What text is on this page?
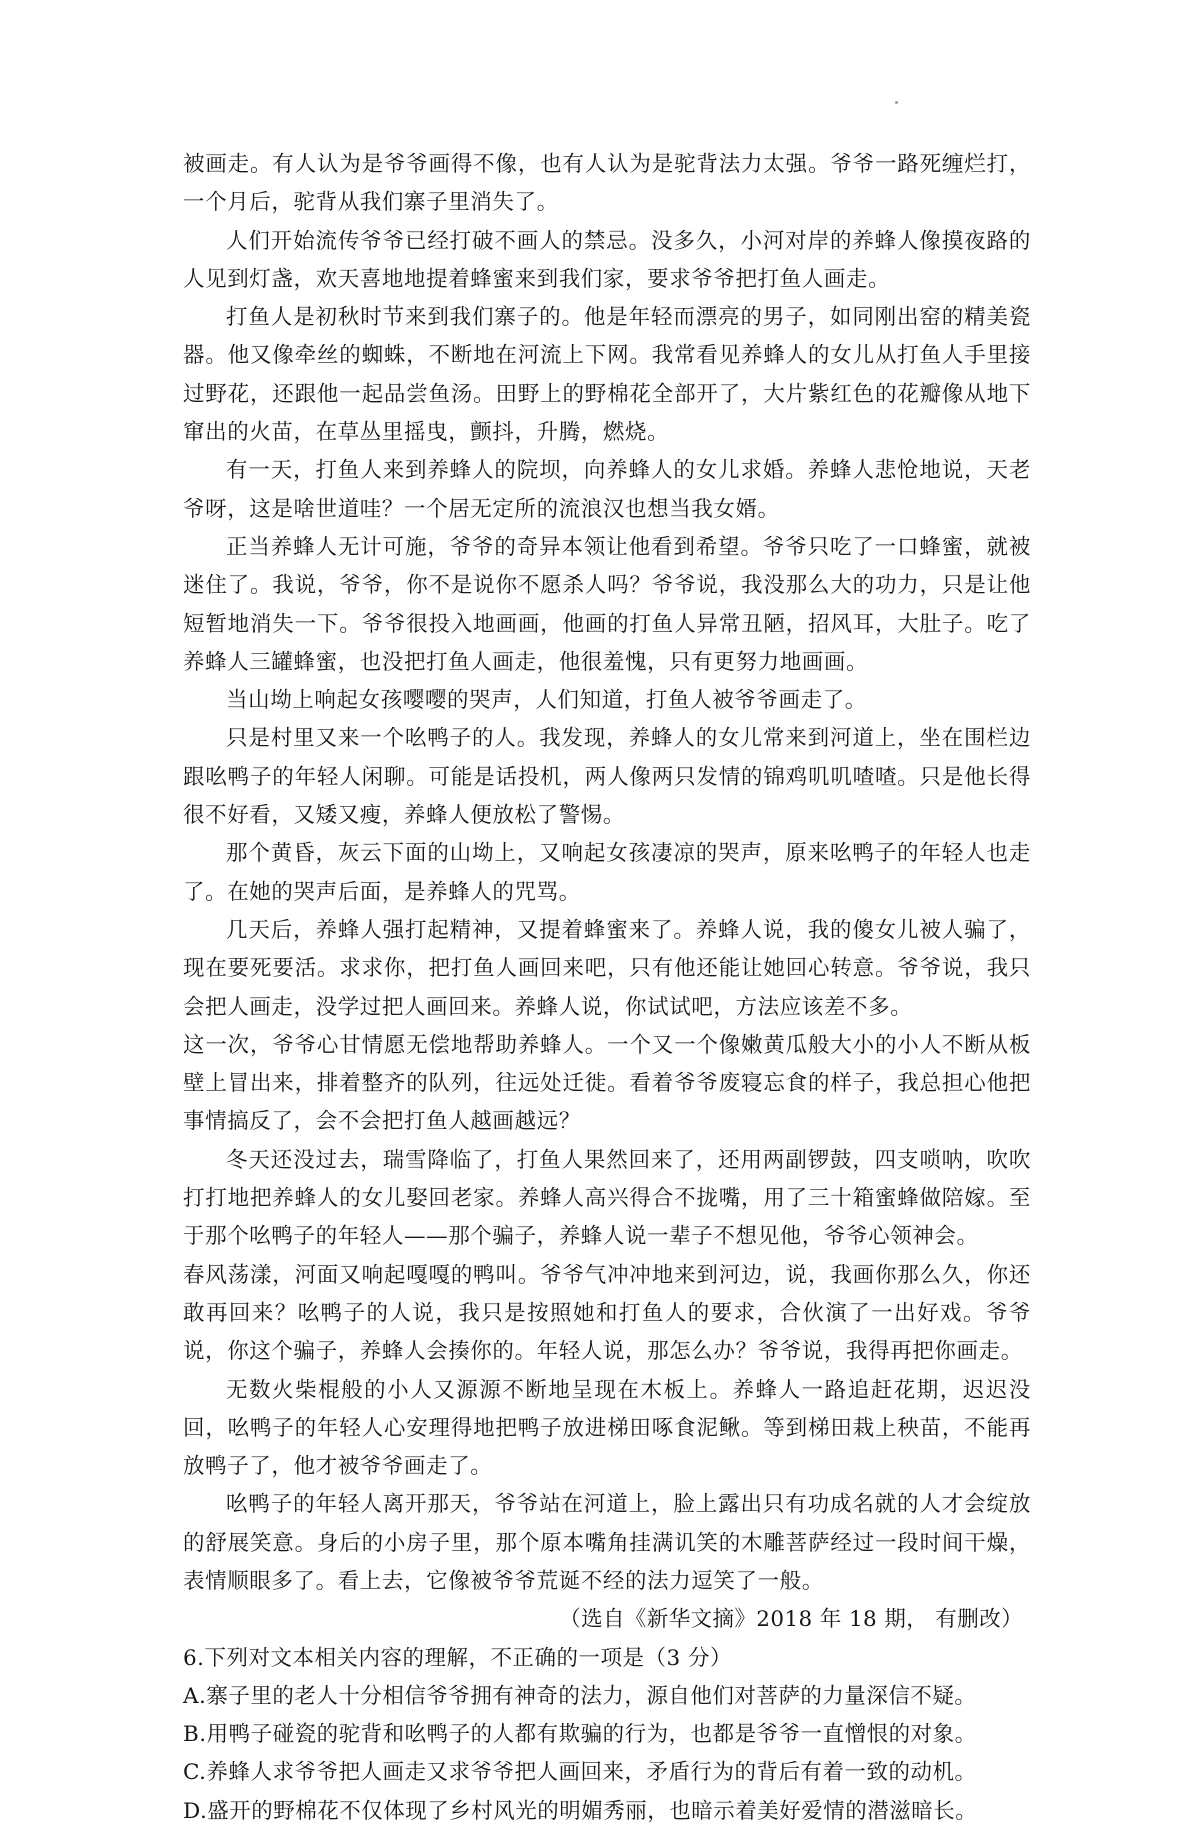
被画走。有人认为是爷爷画得不像，也有人认为是驼背法力太强。爷爷一路死缠烂打，一个月后，驼背从我们寨子里消失了。

人们开始流传爷爷已经打破不画人的禁忌。没多久，小河对岸的养蜂人像摸夜路的人见到灯盏，欢天喜地地提着蜂蜜来到我们家，要求爷爷把打鱼人画走。

打鱼人是初秋时节来到我们寨子的。他是年轻而漂亮的男子，如同刚出窑的精美瓷器。他又像牵丝的蜘蛛，不断地在河流上下网。我常看见养蜂人的女儿从打鱼人手里接过野花，还跟他一起品尝鱼汤。田野上的野棉花全部开了，大片紫红色的花瓣像从地下窜出的火苗，在草丛里摇曳，颤抖，升腾，燃烧。

有一天，打鱼人来到养蜂人的院坝，向养蜂人的女儿求婚。养蜂人悲怆地说，天老爷呀，这是啥世道哇？一个居无定所的流浪汉也想当我女婿。

正当养蜂人无计可施，爷爷的奇异本领让他看到希望。爷爷只吃了一口蜂蜜，就被迷住了。我说，爷爷，你不是说你不愿杀人吗？爷爷说，我没那么大的功力，只是让他短暂地消失一下。爷爷很投入地画画，他画的打鱼人异常丑陋，招风耳，大肚子。吃了养蜂人三罐蜂蜜，也没把打鱼人画走，他很羞愧，只有更努力地画画。

当山坳上响起女孩嘤嘤的哭声，人们知道，打鱼人被爷爷画走了。

只是村里又来一个吆鸭子的人。我发现，养蜂人的女儿常来到河道上，坐在围栏边跟吆鸭子的年轻人闲聊。可能是话投机，两人像两只发情的锦鸡叽叽喳喳。只是他长得很不好看，又矮又瘦，养蜂人便放松了警惕。

那个黄昏，灰云下面的山坳上，又响起女孩凄凉的哭声，原来吆鸭子的年轻人也走了。在她的哭声后面，是养蜂人的咒骂。

几天后，养蜂人强打起精神，又提着蜂蜜来了。养蜂人说，我的傻女儿被人骗了，现在要死要活。求求你，把打鱼人画回来吧，只有他还能让她回心转意。爷爷说，我只会把人画走，没学过把人画回来。养蜂人说，你试试吧，方法应该差不多。

这一次，爷爷心甘情愿无偿地帮助养蜂人。一个又一个像嫩黄瓜般大小的小人不断从板壁上冒出来，排着整齐的队列，往远处迁徙。看着爷爷废寝忘食的样子，我总担心他把事情搞反了，会不会把打鱼人越画越远？

冬天还没过去，瑞雪降临了，打鱼人果然回来了，还用两副锣鼓，四支唢呐，吹吹打打地把养蜂人的女儿娶回老家。养蜂人高兴得合不拢嘴，用了三十箱蜜蜂做陪嫁。至于那个吆鸭子的年轻人——那个骗子，养蜂人说一辈子不想见他，爷爷心领神会。

春风荡漾，河面又响起嘎嘎的鸭叫。爷爷气冲冲地来到河边，说，我画你那么久，你还敢再回来？吆鸭子的人说，我只是按照她和打鱼人的要求，合伙演了一出好戏。爷爷说，你这个骗子，养蜂人会揍你的。年轻人说，那怎么办？爷爷说，我得再把你画走。

无数火柴棍般的小人又源源不断地呈现在木板上。养蜂人一路追赶花期，迟迟没回，吆鸭子的年轻人心安理得地把鸭子放进梯田啄食泥鳅。等到梯田栽上秧苗，不能再放鸭子了，他才被爷爷画走了。

吆鸭子的年轻人离开那天，爷爷站在河道上，脸上露出只有功成名就的人才会绽放的舒展笑意。身后的小房子里，那个原本嘴角挂满讥笑的木雕菩萨经过一段时间干燥，表情顺眼多了。看上去，它像被爷爷荒诞不经的法力逗笑了一般。

（选自《新华文摘》2018 年 18 期， 有删改）

6.下列对文本相关内容的理解，不正确的一项是（3 分）

A.寨子里的老人十分相信爷爷拥有神奇的法力，源自他们对菩萨的力量深信不疑。

B.用鸭子碰瓷的驼背和吆鸭子的人都有欺骗的行为，也都是爷爷一直憎恨的对象。

C.养蜂人求爷爷把人画走又求爷爷把人画回来，矛盾行为的背后有着一致的动机。

D.盛开的野棉花不仅体现了乡村风光的明媚秀丽，也暗示着美好爱情的潜滋暗长。
